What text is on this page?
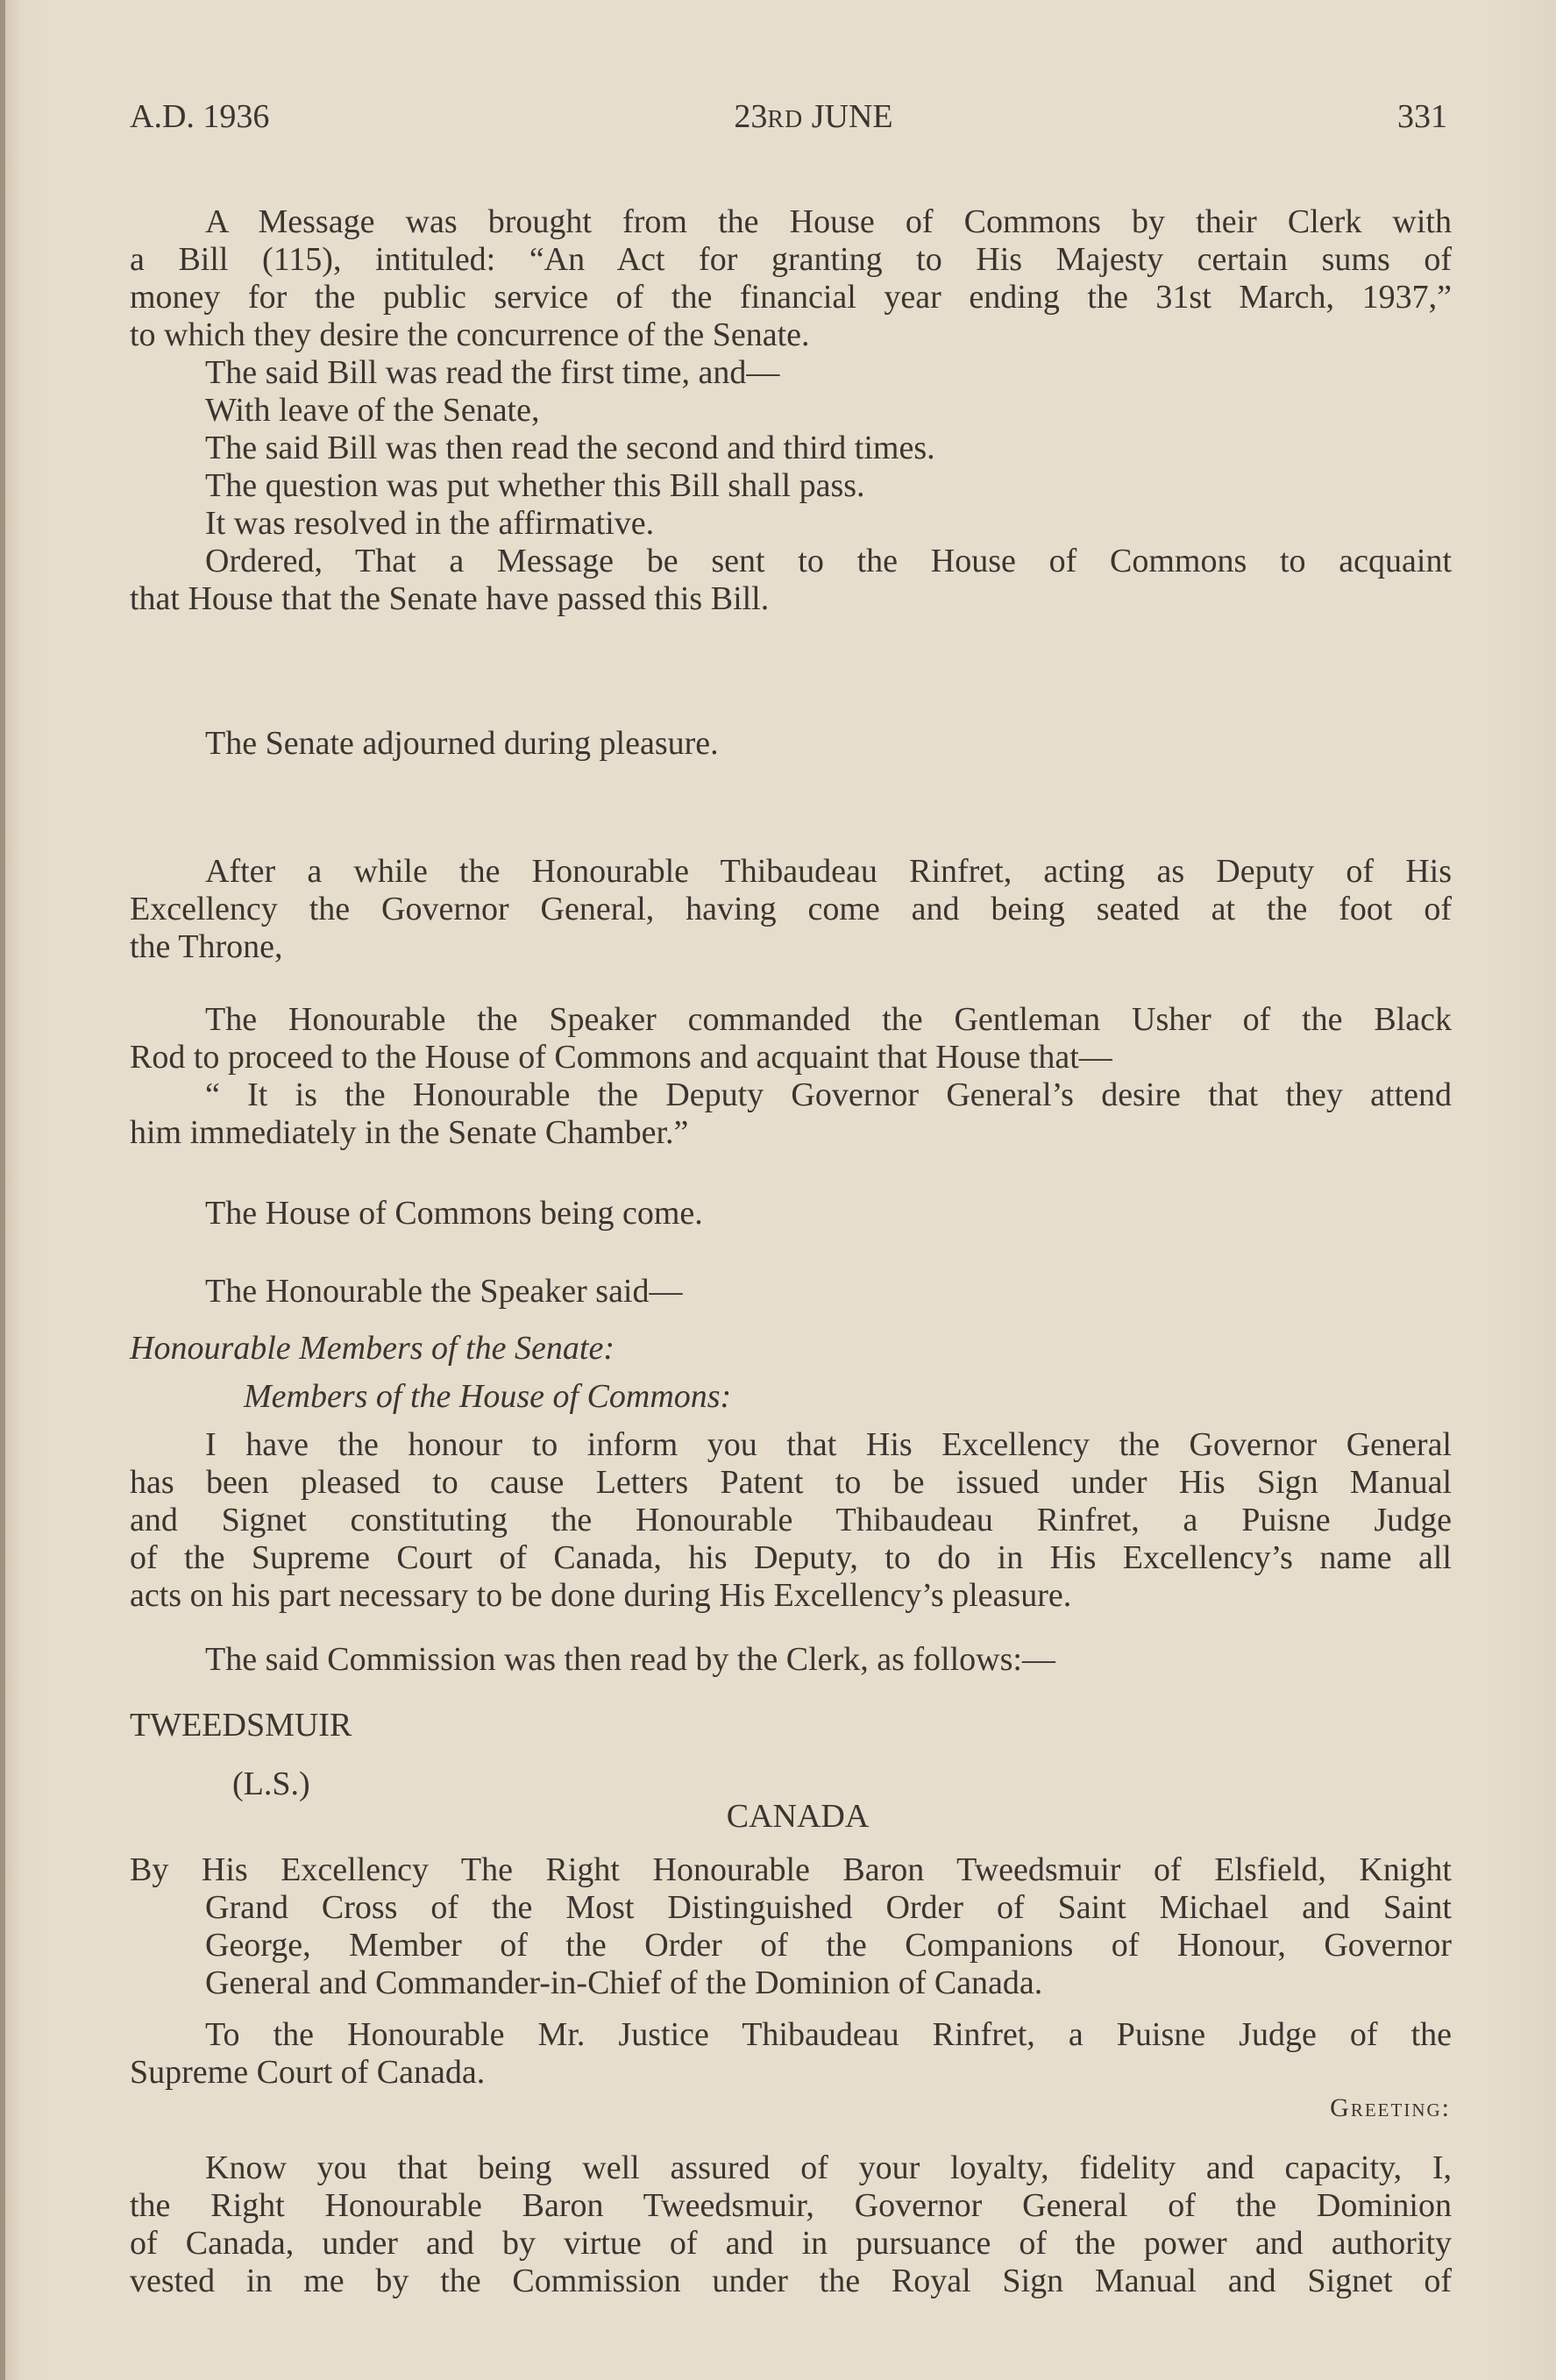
A.D. 1936	23RD JUNE	331
A Message was brought from the House of Commons by their Clerk with
a Bill (115), intituled: “An Act for granting to His Majesty certain sums of
money for the public service of the financial year ending the 31st March, 1937,”
to which they desire the concurrence of the Senate.
The said Bill was read the first time, and—
With leave of the Senate,
The said Bill was then read the second and third times.
The question was put whether this Bill shall pass.
It was resolved in the affirmative.
Ordered, That a Message be sent to the House of Commons to acquaint
that House that the Senate have passed this Bill.
The Senate adjourned during pleasure.
After a while the Honourable Thibaudeau Rinfret, acting as Deputy of His
Excellency the Governor General, having come and being seated at the foot of
the Throne,
The Honourable the Speaker commanded the Gentleman Usher of the Black
Rod to proceed to the House of Commons and acquaint that House that—
“ It is the Honourable the Deputy Governor General’s desire that they attend
him immediately in the Senate Chamber.”
The House of Commons being come.
The Honourable the Speaker said—
Honourable Members of the Senate:
Members of the House of Commons:
I have the honour to inform you that His Excellency the Governor General
has been pleased to cause Letters Patent to be issued under His Sign Manual
and Signet constituting the Honourable Thibaudeau Rinfret, a Puisne Judge
of the Supreme Court of Canada, his Deputy, to do in His Excellency’s name all
acts on his part necessary to be done during His Excellency’s pleasure.
The said Commission was then read by the Clerk, as follows:—
TWEEDSMUIR
(L.S.)
CANADA
By His Excellency The Right Honourable Baron Tweedsmuir of Elsfield, Knight
Grand Cross of the Most Distinguished Order of Saint Michael and Saint
George, Member of the Order of the Companions of Honour, Governor
General and Commander-in-Chief of the Dominion of Canada.
To the Honourable Mr. Justice Thibaudeau Rinfret, a Puisne Judge of the
Supreme Court of Canada.
Greeting:
Know you that being well assured of your loyalty, fidelity and capacity, I,
the Right Honourable Baron Tweedsmuir, Governor General of the Dominion
of Canada, under and by virtue of and in pursuance of the power and authority
vested in me by the Commission under the Royal Sign Manual and Signet of
